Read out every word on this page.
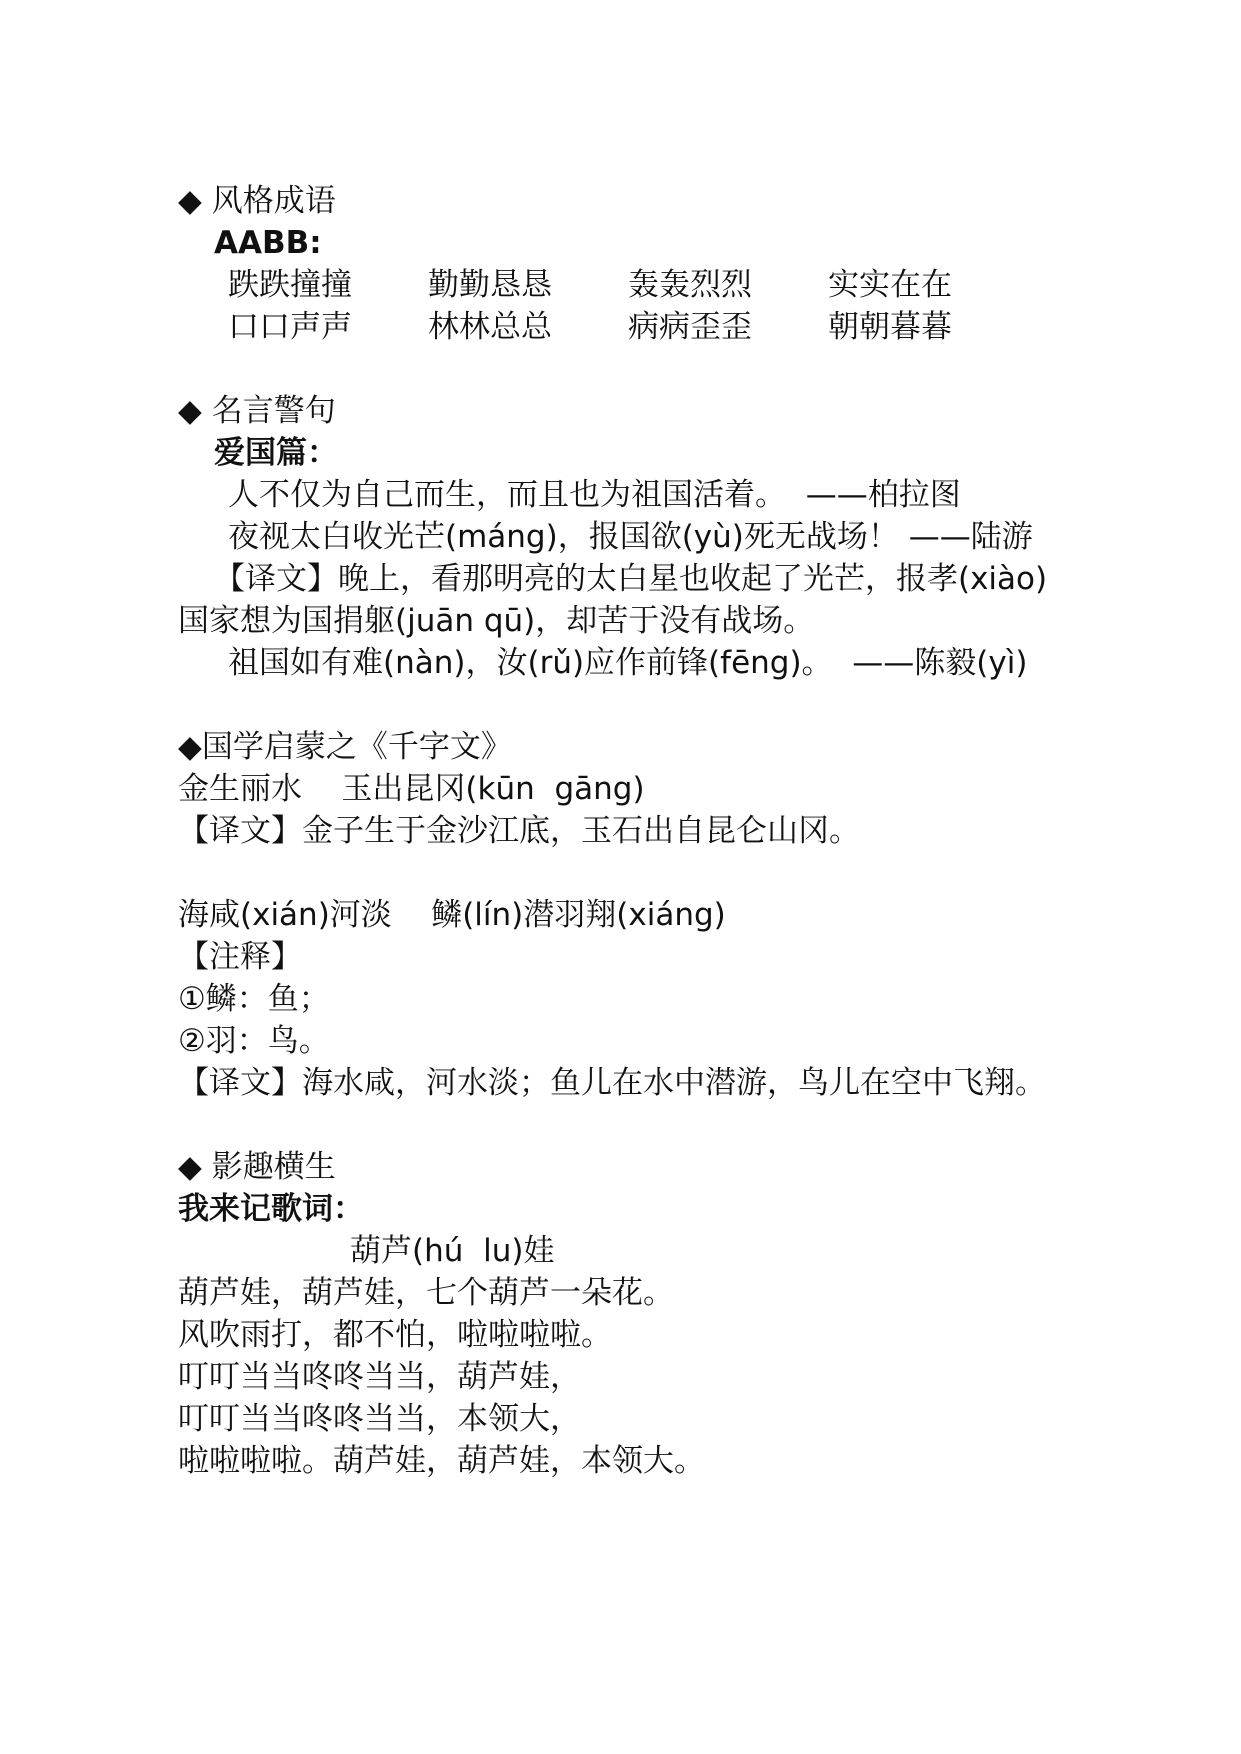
◆ 风格成语
AABB:
跌跌撞撞	勤勤恳恳	轰轰烈烈	实实在在
口口声声	林林总总	病病歪歪	朝朝暮暮
◆ 名言警句
爱国篇：
人不仅为自己而生，而且也为祖国活着。  ——柏拉图
夜视太白收光芒(máng)，报国欲(yù)死无战场！ ——陆游
【译文】晚上，看那明亮的太白星也收起了光芒，报孝(xiào)国家想为国捐躯(juān qū)，却苦于没有战场。
祖国如有难(nàn)，汝(rǔ)应作前锋(fēng)。  ——陈毅(yì)
◆国学启蒙之《千字文》
金生丽水    玉出昆冈(kūn  gāng)
【译文】金子生于金沙江底，玉石出自昆仑山冈。
海咸(xián)河淡    鳞(lín)潜羽翔(xiáng)
【注释】
①鳞：鱼；
②羽：鸟。
【译文】海水咸，河水淡；鱼儿在水中潜游，鸟儿在空中飞翔。
◆ 影趣横生
我来记歌词：
葫芦(hú  lu)娃
葫芦娃，葫芦娃，七个葫芦一朵花。
风吹雨打，都不怕，啦啦啦啦。
叮叮当当咚咚当当，葫芦娃，
叮叮当当咚咚当当，本领大，
啦啦啦啦。葫芦娃，葫芦娃，本领大。
